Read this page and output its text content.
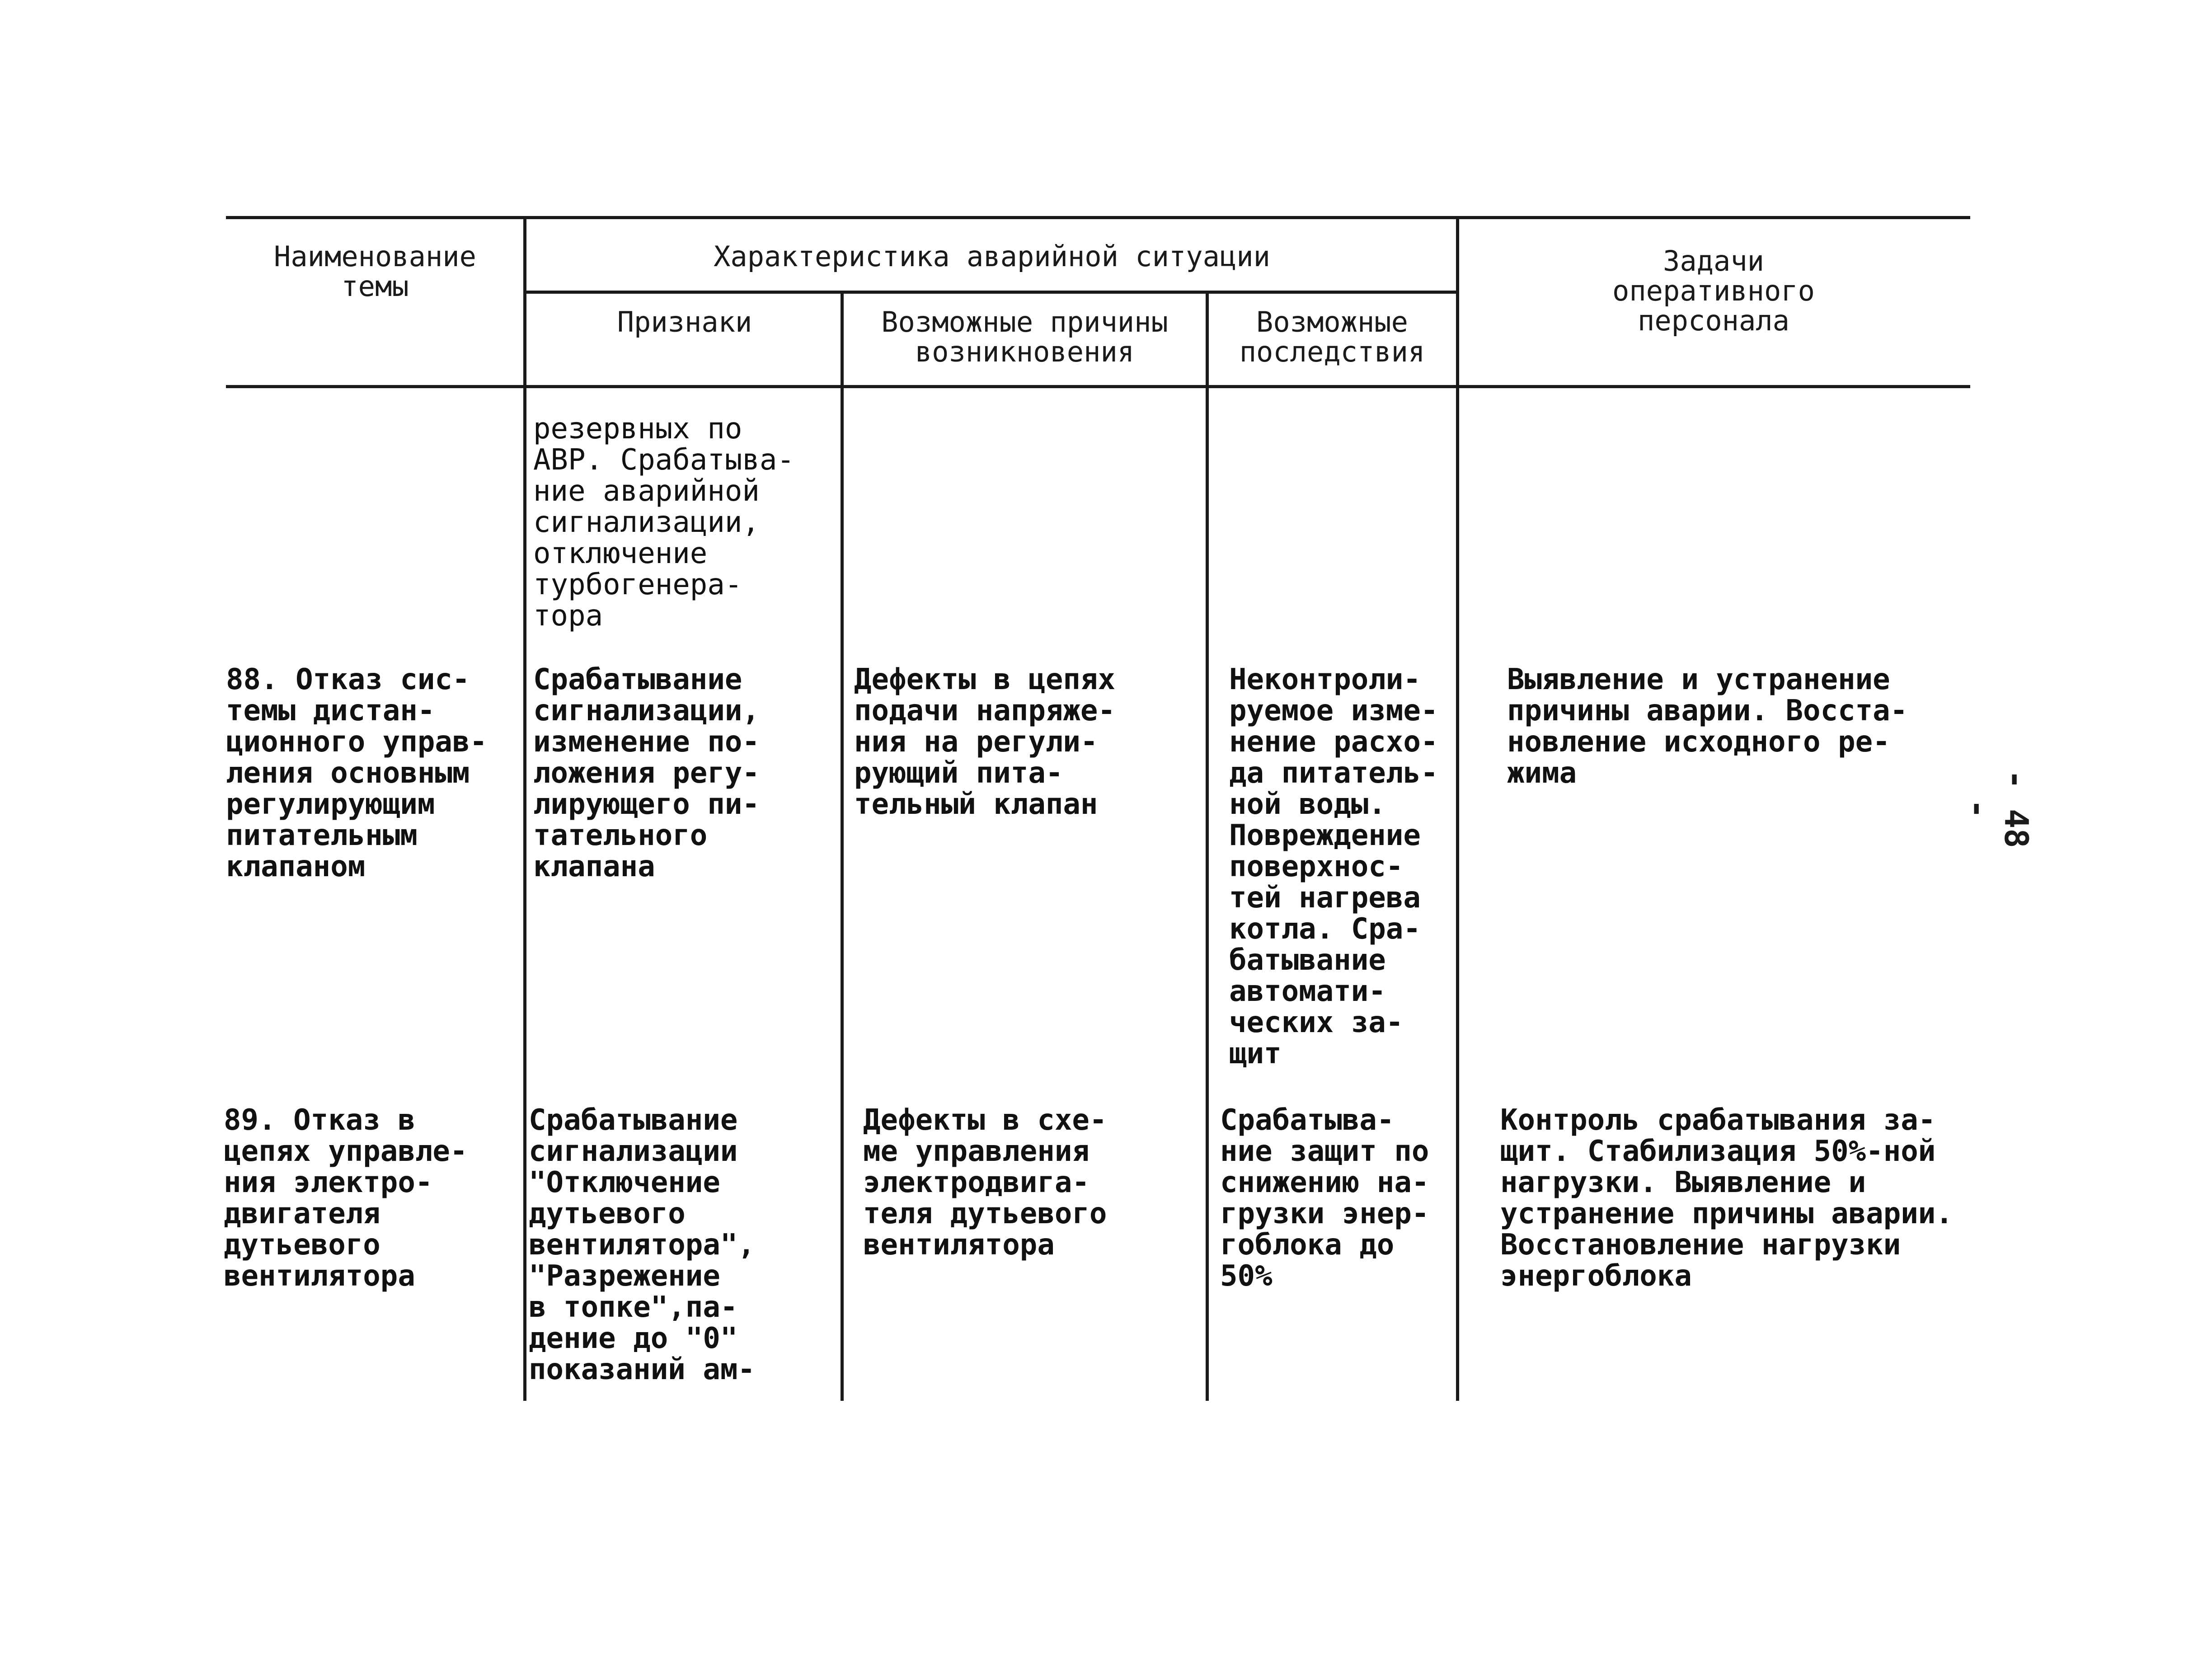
Наименование
темы
Характеристика аварийной ситуации
Признаки	Возможные причины
возникновения
Возможные
последствия
Задачи
оперативного
персонала
резервных по
АВР. Срабатыва-
ние аварийной
сигнализации,
отключение
турбогенера-
тора
88. Отказ сис-
темы дистан-
ционного управ-
ления основным
регулирующим
питательным
клапаном
Срабатывание
сигнализации,
изменение по-
ложения регу-
лирующего пи-
тательного
клапана
Дефекты в цепях
подачи напряже-
ния на регули-
рующий пита-
тельный клапан
Неконтроли-
руемое изме-
нение расхо-
да питатель-
ной воды.
Повреждение
поверхнос-
тей нагрева
котла. Сра-
батывание
автомати-
ческих за-
щит
Выявление и устранение
причины аварии. Восста-
новление исходного ре-
жима
89. Отказ в
цепях управле-
ния электро-
двигателя
дутьевого
вентилятора
Срабатывание
сигнализации
"Отключение
дутьевого
вентилятора",
"Разрежение
в топке",па-
дение до "0"
показаний ам-
Дефекты в схе-
ме управления
электродвига-
теля дутьевого
вентилятора
Срабатыва-
ние защит по
снижению на-
грузки энер-
гоблока до
50%
Контроль срабатывания за-
щит. Стабилизация 50%-ной
нагрузки. Выявление и
устранение причины аварии.
Восстановление нагрузки
энергоблока
- 48 -
